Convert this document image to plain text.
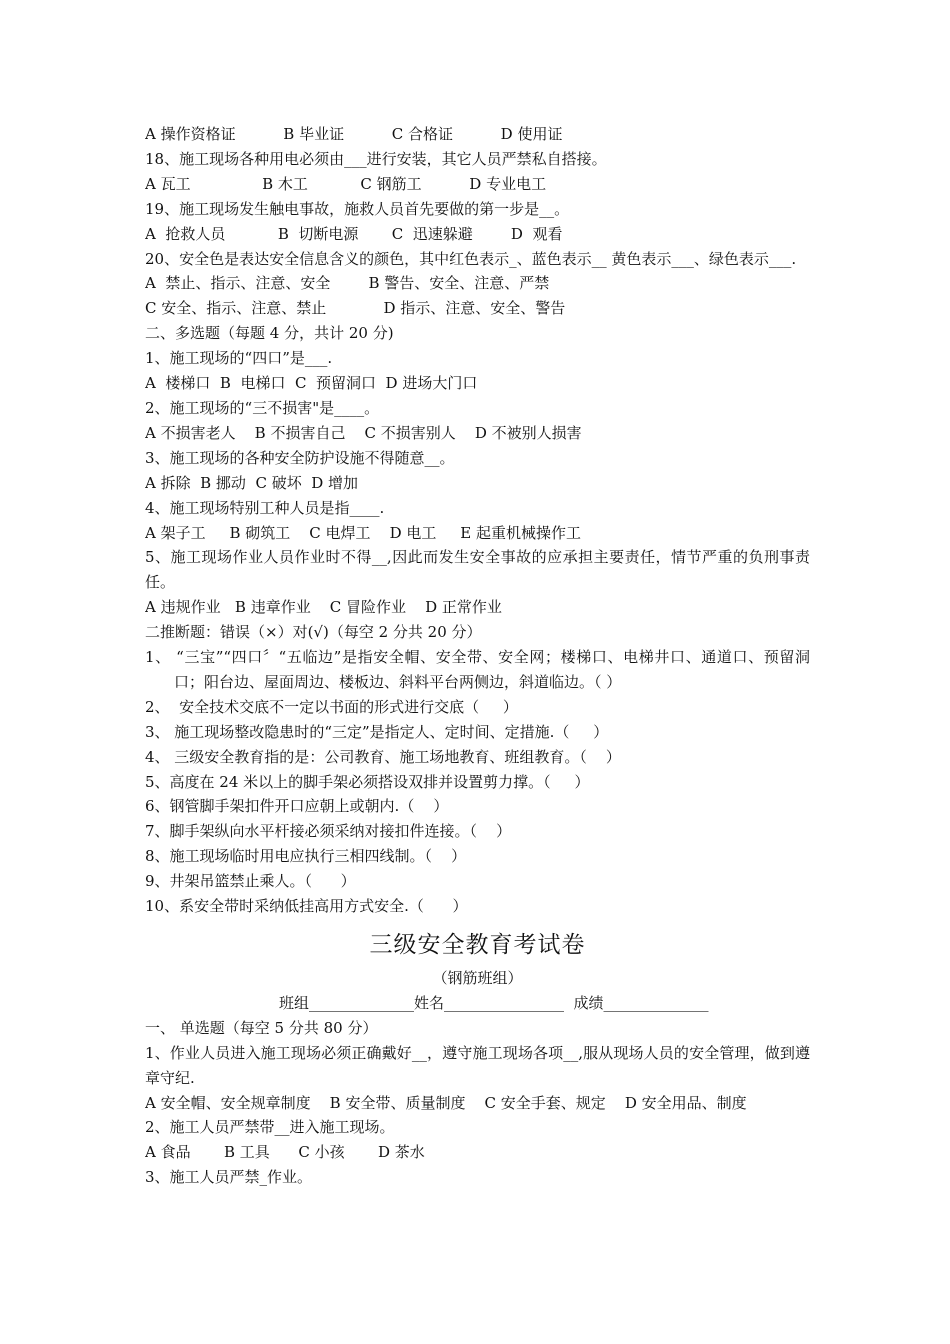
A 操作资格证          B 毕业证          C 合格证          D 使用证
18、施工现场各种用电必须由___进行安装，其它人员严禁私自搭接。
A 瓦工               B 木工           C 钢筋工          D 专业电工
19、施工现场发生触电事故，施救人员首先要做的第一步是__。
A  抢救人员           B  切断电源       C  迅速躲避        D  观看
20、安全色是表达安全信息含义的颜色，其中红色表示_、蓝色表示__ 黄色表示___、绿色表示___.
A  禁止、指示、注意、安全        B 警告、安全、注意、严禁
C 安全、指示、注意、禁止            D 指示、注意、安全、警告
二、多选题（每题 4 分，共计 20 分)
1、施工现场的“四口”是___.
A  楼梯口  B  电梯口  C  预留洞口  D 进场大门口
2、施工现场的“三不损害"是____。
A 不损害老人    B 不损害自己    C 不损害别人    D 不被别人损害
3、施工现场的各种安全防护设施不得随意__。
A 拆除  B 挪动  C 破坏  D 增加
4、施工现场特别工种人员是指____.
A 架子工     B 砌筑工    C 电焊工    D 电工     E 起重机械操作工
5、施工现场作业人员作业时不得__,因此而发生安全事故的应承担主要责任，情节严重的负刑事责任。
A 违规作业   B 违章作业    C 冒险作业    D 正常作业
二推断题：错误（×）对(√)（每空 2 分共 20 分）
1、 “三宝”“四口〞“五临边”是指安全帽、安全带、安全网；楼梯口、电梯井口、通道口、预留洞口；阳台边、屋面周边、楼板边、斜料平台两侧边，斜道临边。（ ）
2、  安全技术交底不一定以书面的形式进行交底（     ）
3、 施工现场整改隐患时的“三定”是指定人、定时间、定措施.（     ）
4、 三级安全教育指的是：公司教育、施工场地教育、班组教育。（    ）
5、高度在 24 米以上的脚手架必须搭设双排并设置剪力撑。（     ）
6、钢管脚手架扣件开口应朝上或朝内.（    ）
7、脚手架纵向水平杆接必须采纳对接扣件连接。（    ）
8、施工现场临时用电应执行三相四线制。（    ）
9、井架吊篮禁止乘人。（      ）
10、系安全带时采纳低挂高用方式安全.（      ）
三级安全教育考试卷
（钢筋班组）
班组______________姓名________________  成绩______________
一、 单选题（每空 5 分共 80 分）
1、作业人员进入施工现场必须正确戴好__，遵守施工现场各项__,服从现场人员的安全管理，做到遵章守纪.
A 安全帽、安全规章制度    B 安全带、质量制度    C 安全手套、规定    D 安全用品、制度
2、施工人员严禁带__进入施工现场。
A 食品       B 工具      C 小孩       D 茶水
3、施工人员严禁_作业。
